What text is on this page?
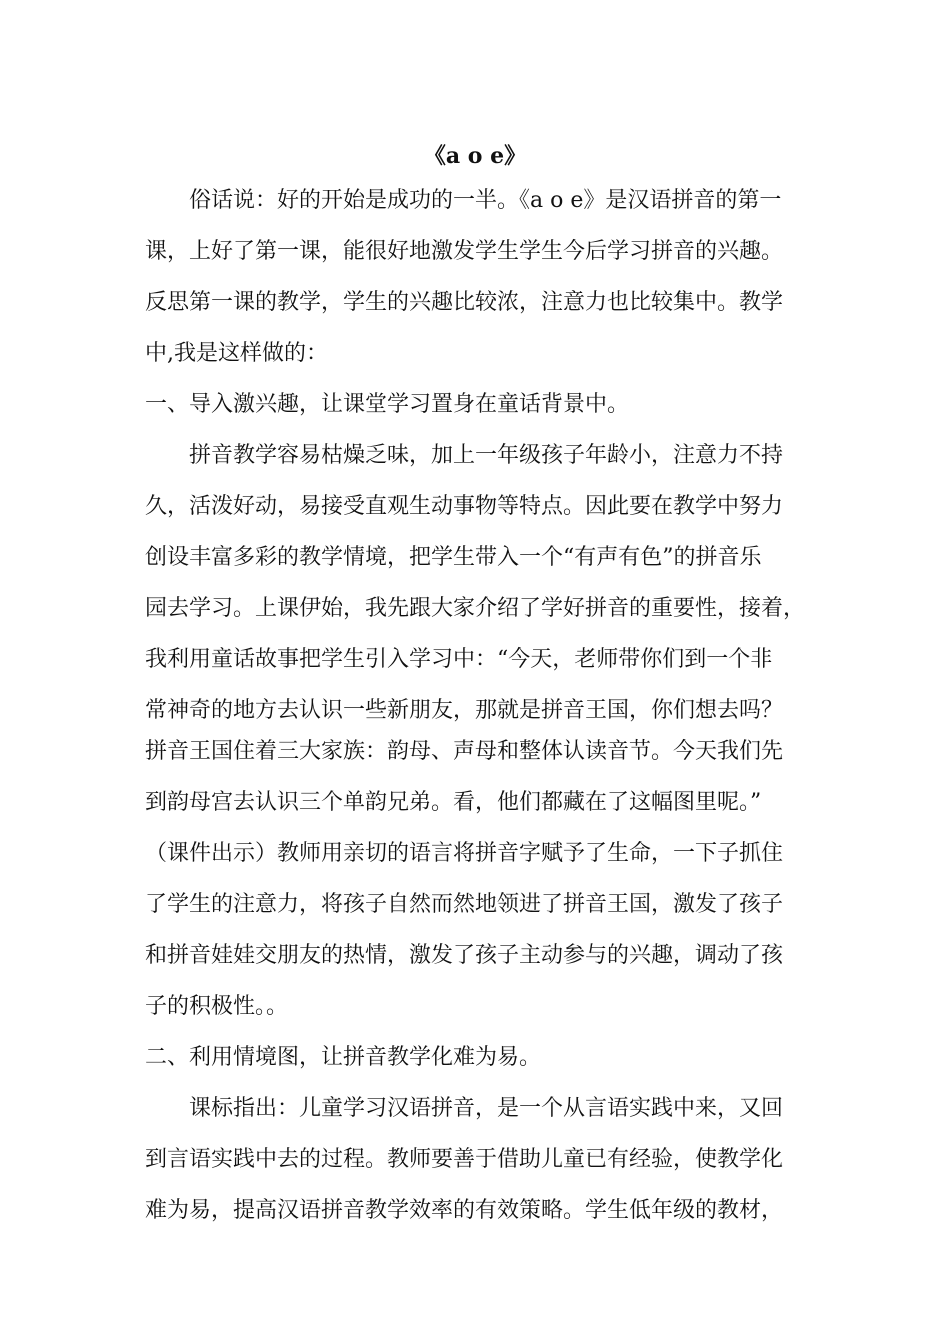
《a o e》
俗话说：好的开始是成功的一半。《a o e》是汉语拼音的第一
课，上好了第一课，能很好地激发学生学生今后学习拼音的兴趣。
反思第一课的教学，学生的兴趣比较浓，注意力也比较集中。教学
中,我是这样做的：
一、导入激兴趣，让课堂学习置身在童话背景中。
拼音教学容易枯燥乏味，加上一年级孩子年龄小，注意力不持
久，活泼好动，易接受直观生动事物等特点。因此要在教学中努力
创设丰富多彩的教学情境，把学生带入一个“有声有色”的拼音乐
园去学习。上课伊始，我先跟大家介绍了学好拼音的重要性，接着，
我利用童话故事把学生引入学习中：“今天，老师带你们到一个非
常神奇的地方去认识一些新朋友，那就是拼音王国，你们想去吗？
拼音王国住着三大家族：韵母、声母和整体认读音节。今天我们先
到韵母宫去认识三个单韵兄弟。看，他们都藏在了这幅图里呢。”
（课件出示）教师用亲切的语言将拼音字赋予了生命，一下子抓住
了学生的注意力，将孩子自然而然地领进了拼音王国，激发了孩子
和拼音娃娃交朋友的热情，激发了孩子主动参与的兴趣，调动了孩
子的积极性。。
二、利用情境图，让拼音教学化难为易。
课标指出：儿童学习汉语拼音，是一个从言语实践中来，又回
到言语实践中去的过程。教师要善于借助儿童已有经验，使教学化
难为易，提高汉语拼音教学效率的有效策略。学生低年级的教材，
